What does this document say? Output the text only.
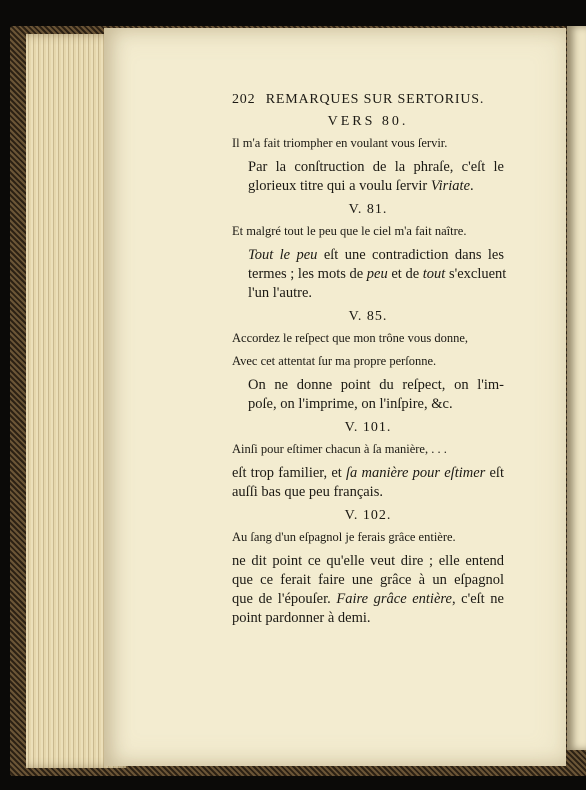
202 REMARQUES SUR SERTORIUS.
VERS 80.
Il m'a fait triompher en voulant vous ſervir.
Par la conſtruction de la phraſe, c'eſt le
glorieux titre qui a voulu ſervir Viriate.
V. 81.
Et malgré tout le peu que le ciel m'a fait naître.
Tout le peu eſt une contradiction dans les
termes ; les mots de peu et de tout s'excluent
l'un l'autre.
V. 85.
Accordez le reſpect que mon trône vous donne,
Avec cet attentat ſur ma propre perſonne.
On ne donne point du reſpect, on l'im-
poſe, on l'imprime, on l'inſpire, &c.
V. 101.
Ainſi pour eſtimer chacun à ſa manière, . . .
eſt trop familier, et ſa manière pour eſtimer eſt
auſſi bas que peu français.
V. 102.
Au ſang d'un eſpagnol je ferais grâce entière.
ne dit point ce qu'elle veut dire ; elle entend
que ce ferait faire une grâce à un eſpagnol
que de l'épouſer. Faire grâce entière, c'eſt ne
point pardonner à demi.
